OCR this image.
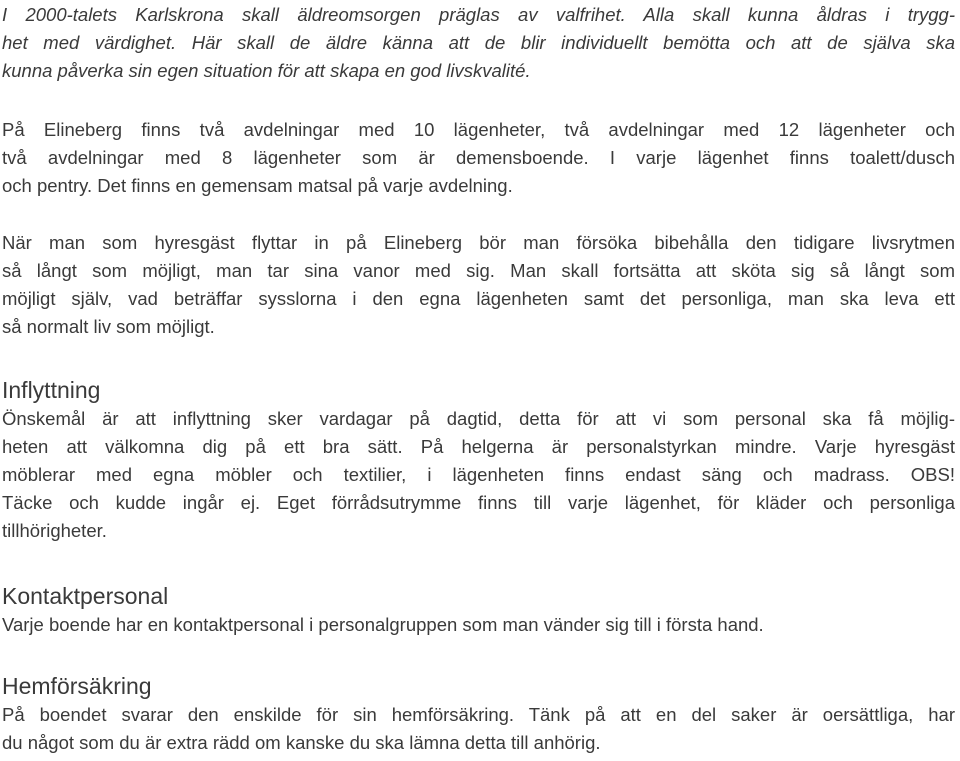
I 2000-talets Karlskrona skall äldreomsorgen präglas av valfrihet. Alla skall kunna åldras i trygg-
het med värdighet. Här skall de äldre känna att de blir individuellt bemötta och att de själva ska
kunna påverka sin egen situation för att skapa en god livskvalité.
På Elineberg finns två avdelningar med 10 lägenheter, två avdelningar med 12 lägenheter och
två avdelningar med 8 lägenheter som är demensboende. I varje lägenhet finns toalett/dusch
och pentry. Det finns en gemensam matsal på varje avdelning.
När man som hyresgäst flyttar in på Elineberg bör man försöka bibehålla den tidigare livsrytmen
så långt som möjligt, man tar sina vanor med sig. Man skall fortsätta att sköta sig så långt som
möjligt själv, vad beträffar sysslorna i den egna lägenheten samt det personliga, man ska leva ett
så normalt liv som möjligt.
Inflyttning
Önskemål är att inflyttning sker vardagar på dagtid, detta för att vi som personal ska få möjlig-
heten att välkomna dig på ett bra sätt. På helgerna är personalstyrkan mindre. Varje hyresgäst
möblerar med egna möbler och textilier, i lägenheten finns endast säng och madrass. OBS!
Täcke och kudde ingår ej. Eget förrådsutrymme finns till varje lägenhet, för kläder och personliga
tillhörigheter.
Kontaktpersonal
Varje boende har en kontaktpersonal i personalgruppen som man vänder sig till i första hand.
Hemförsäkring
På boendet svarar den enskilde för sin hemförsäkring. Tänk på att en del saker är oersättliga, har
du något som du är extra rädd om kanske du ska lämna detta till anhörig.
